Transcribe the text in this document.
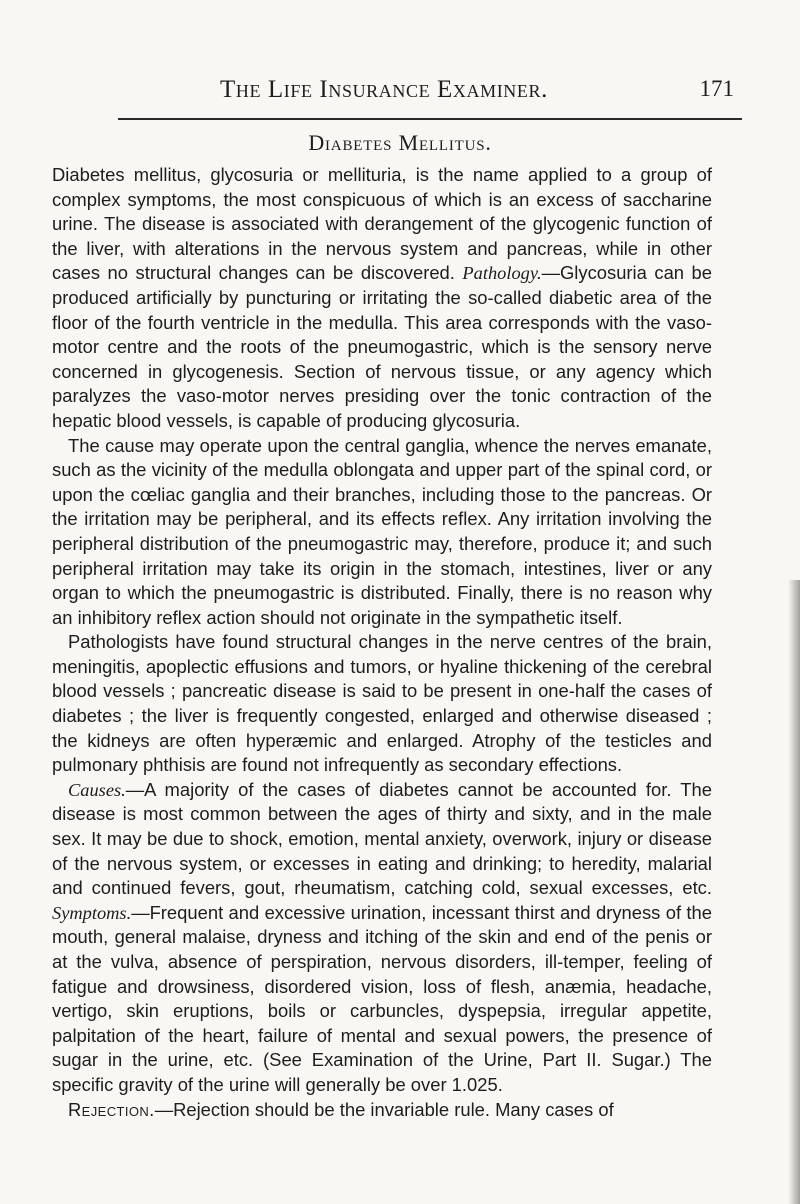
The Life Insurance Examiner.	171
Diabetes Mellitus.

Diabetes mellitus, glycosuria or mellituria, is the name applied to a group of complex symptoms, the most conspicuous of which is an excess of saccharine urine. The disease is associated with derangement of the glycogenic function of the liver, with alterations in the nervous system and pancreas, while in other cases no structural changes can be discovered. Pathology.—Glycosuria can be produced artificially by puncturing or irritating the so-called diabetic area of the floor of the fourth ventricle in the medulla. This area corresponds with the vaso-motor centre and the roots of the pneumogastric, which is the sensory nerve concerned in glycogenesis. Section of nervous tissue, or any agency which paralyzes the vaso-motor nerves presiding over the tonic contraction of the hepatic blood vessels, is capable of producing glycosuria.

The cause may operate upon the central ganglia, whence the nerves emanate, such as the vicinity of the medulla oblongata and upper part of the spinal cord, or upon the cœliac ganglia and their branches, including those to the pancreas. Or the irritation may be peripheral, and its effects reflex. Any irritation involving the peripheral distribution of the pneumogastric may, therefore, produce it; and such peripheral irritation may take its origin in the stomach, intestines, liver or any organ to which the pneumogastric is distributed. Finally, there is no reason why an inhibitory reflex action should not originate in the sympathetic itself.

Pathologists have found structural changes in the nerve centres of the brain, meningitis, apoplectic effusions and tumors, or hyaline thickening of the cerebral blood vessels ; pancreatic disease is said to be present in one-half the cases of diabetes ; the liver is frequently congested, enlarged and otherwise diseased ; the kidneys are often hyperæmic and enlarged. Atrophy of the testicles and pulmonary phthisis are found not infrequently as secondary effections.

Causes.—A majority of the cases of diabetes cannot be accounted for. The disease is most common between the ages of thirty and sixty, and in the male sex. It may be due to shock, emotion, mental anxiety, overwork, injury or disease of the nervous system, or excesses in eating and drinking; to heredity, malarial and continued fevers, gout, rheumatism, catching cold, sexual excesses, etc. Symptoms.—Frequent and excessive urination, incessant thirst and dryness of the mouth, general malaise, dryness and itching of the skin and end of the penis or at the vulva, absence of perspiration, nervous disorders, ill-temper, feeling of fatigue and drowsiness, disordered vision, loss of flesh, anæmia, headache, vertigo, skin eruptions, boils or carbuncles, dyspepsia, irregular appetite, palpitation of the heart, failure of mental and sexual powers, the presence of sugar in the urine, etc. (See Examination of the Urine, Part II. Sugar.) The specific gravity of the urine will generally be over 1.025.

Rejection.—Rejection should be the invariable rule. Many cases of
